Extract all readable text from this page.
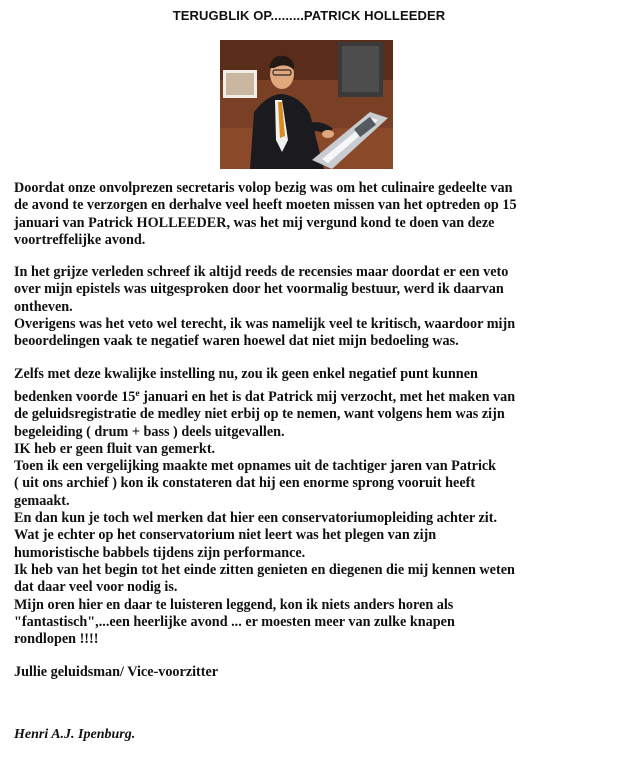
TERUGBLIK OP.........PATRICK HOLLEEDER
Doordat onze onvolprezen secretaris volop bezig was om het culinaire gedeelte van
de avond te verzorgen en derhalve veel heeft moeten missen van het optreden op 15
januari van Patrick HOLLEEDER, was het mij vergund kond te doen van deze
voortreffelijke avond.
In het grijze verleden schreef ik altijd reeds de recensies maar doordat er een veto
over mijn epistels was uitgesproken door het voormalig bestuur, werd ik daarvan
ontheven.
Overigens was het veto wel terecht, ik was namelijk veel te kritisch, waardoor mijn
beoordelingen vaak te negatief waren hoewel dat niet mijn bedoeling was.
Zelfs met deze kwalijke instelling nu, zou ik geen enkel negatief punt kunnen
bedenken voorde 15e januari en het is dat Patrick mij verzocht, met het maken van
de geluidsregistratie de medley niet erbij op te nemen, want volgens hem was zijn
begeleiding ( drum + bass ) deels uitgevallen.
IK heb er geen fluit van gemerkt.
Toen ik een vergelijking maakte met opnames uit de tachtiger jaren van Patrick
( uit ons archief ) kon ik constateren dat hij een enorme sprong vooruit heeft
gemaakt.
En dan kun je toch wel merken dat hier een conservatoriumopleiding achter zit.
Wat je echter op het conservatorium niet leert was het plegen van zijn
humoristische babbels tijdens zijn performance.
Ik heb van het begin tot het einde zitten genieten en diegenen die mij kennen weten
dat daar veel voor nodig is.
Mijn oren hier en daar te luisteren leggend, kon ik niets anders horen als
"fantastisch",...een heerlijke avond ... er moesten meer van zulke knapen
rondlopen !!!!
Jullie geluidsman/ Vice-voorzitter
Henri A.J. Ipenburg.
